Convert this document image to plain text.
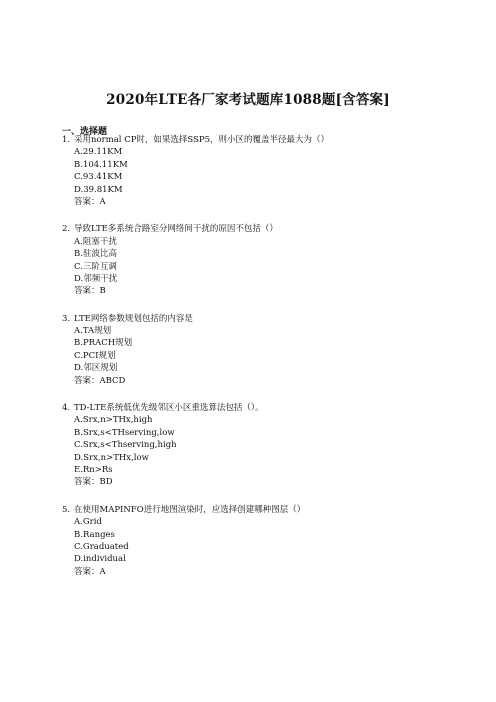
2020年LTE各厂家考试题库1088题[含答案]
一、选择题
1. 采用normal CP时，如果选择SSP5，则小区的覆盖半径最大为（）
A.29.11KM
B.104.11KM
C.93.41KM
D.39.81KM
答案：A
2. 导致LTE多系统合路室分网络间干扰的原因不包括（）
A.阻塞干扰
B.驻波比高
C.三阶互调
D.邻频干扰
答案：B
3. LTE网络参数规划包括的内容是
A.TA规划
B.PRACH规划
C.PCI规划
D.邻区规划
答案：ABCD
4. TD-LTE系统低优先级邻区小区重选算法包括（）。
A.Srx,n>THx,high
B.Srx,s<THserving,low
C.Srx,s<Thserving,high
D.Srx,n>THx,low
E.Rn>Rs
答案：BD
5. 在使用MAPINFO进行地图渲染时，应选择创建哪种图层（）
A.Grid
B.Ranges
C.Graduated
D.individual
答案：A
